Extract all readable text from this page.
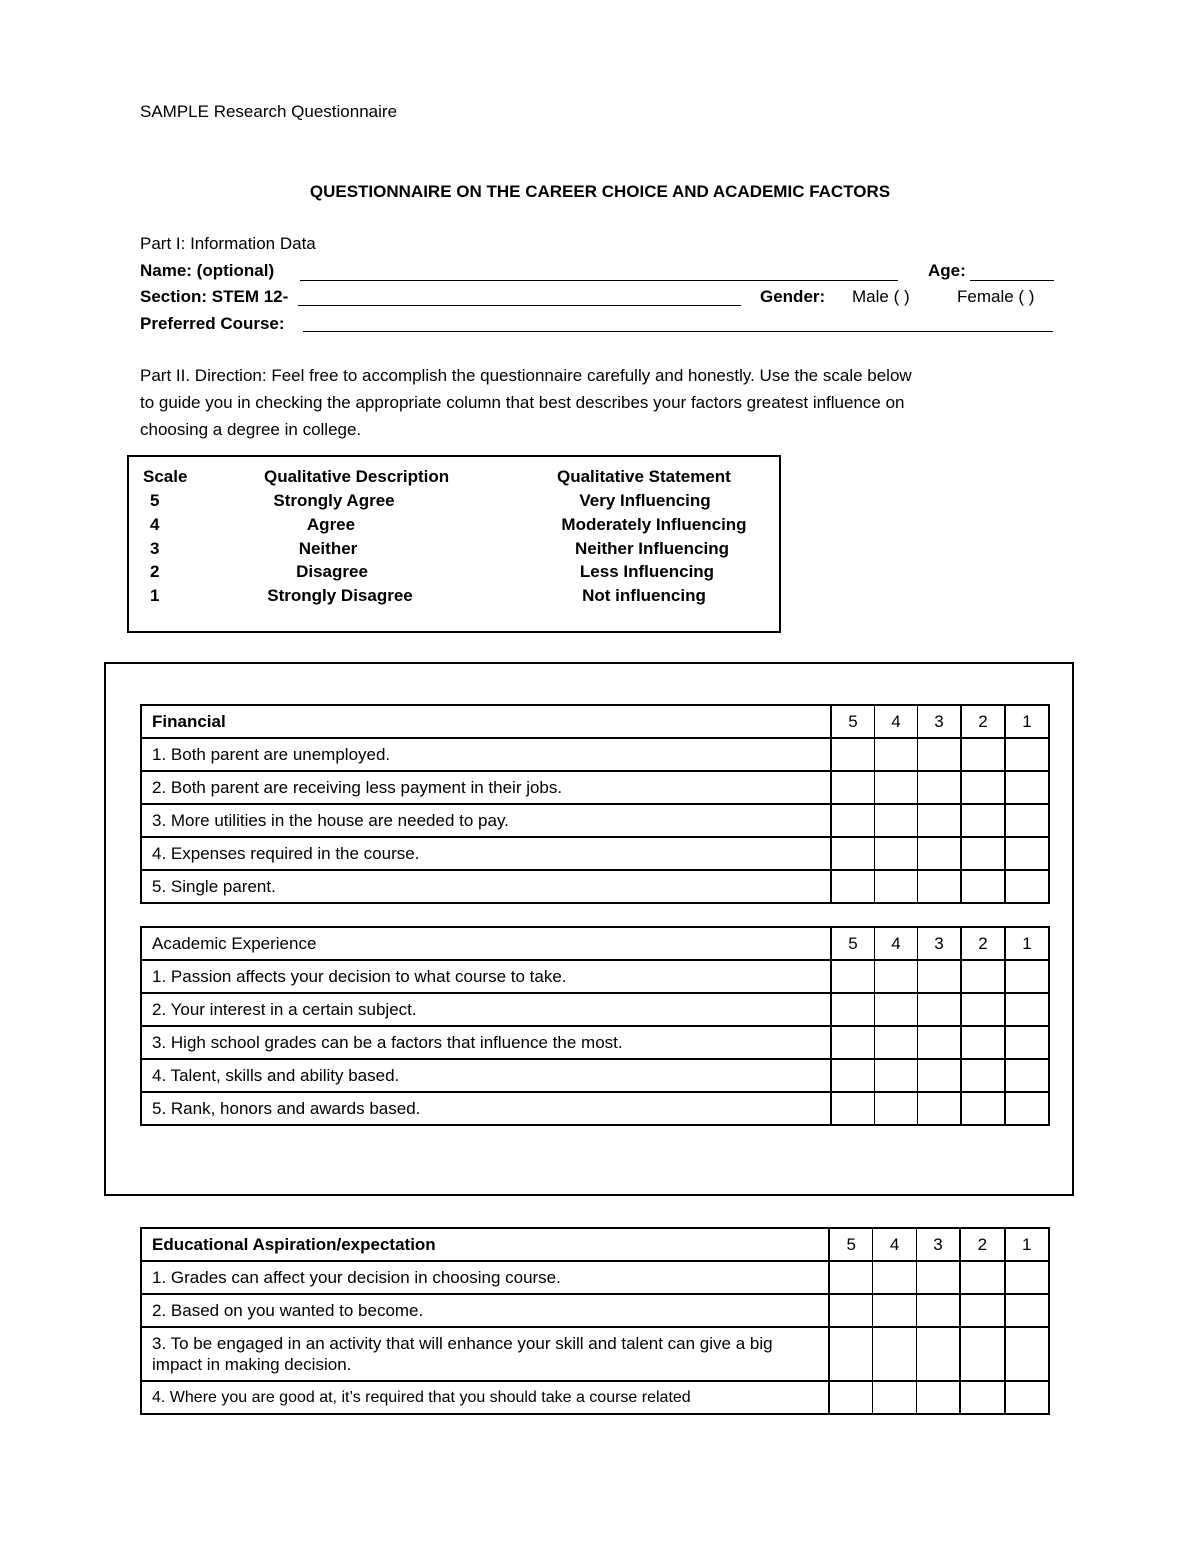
SAMPLE Research Questionnaire
QUESTIONNAIRE ON THE CAREER CHOICE AND ACADEMIC FACTORS
Part I: Information Data
Name: (optional)	Age:
Section: STEM 12-	Gender: Male ( )	Female ( )
Preferred Course:
Part II. Direction: Feel free to accomplish the questionnaire carefully and honestly. Use the scale below
to guide you in checking the appropriate column that best describes your factors greatest influence on
choosing a degree in college.
Scale	Qualitative Description	Qualitative Statement
5	Strongly Agree	Very Influencing
4	Agree	Moderately Influencing
3	Neither	Neither Influencing
2	Disagree	Less Influencing
1	Strongly Disagree	Not influencing
Financial	5	4	3	2	1
1. Both parent are unemployed.					
2. Both parent are receiving less payment in their jobs.					
3. More utilities in the house are needed to pay.					
4. Expenses required in the course.					
5. Single parent.					
Academic Experience	5	4	3	2	1
1. Passion affects your decision to what course to take.					
2. Your interest in a certain subject.					
3. High school grades can be a factors that influence the most.					
4. Talent, skills and ability based.					
5. Rank, honors and awards based.					
Educational Aspiration/expectation	5	4	3	2	1
1. Grades can affect your decision in choosing course.					
2. Based on you wanted to become.					
3. To be engaged in an activity that will enhance your skill and talent can give a big impact in making decision.					
4. Where you are good at, it’s required that you should take a course related					
